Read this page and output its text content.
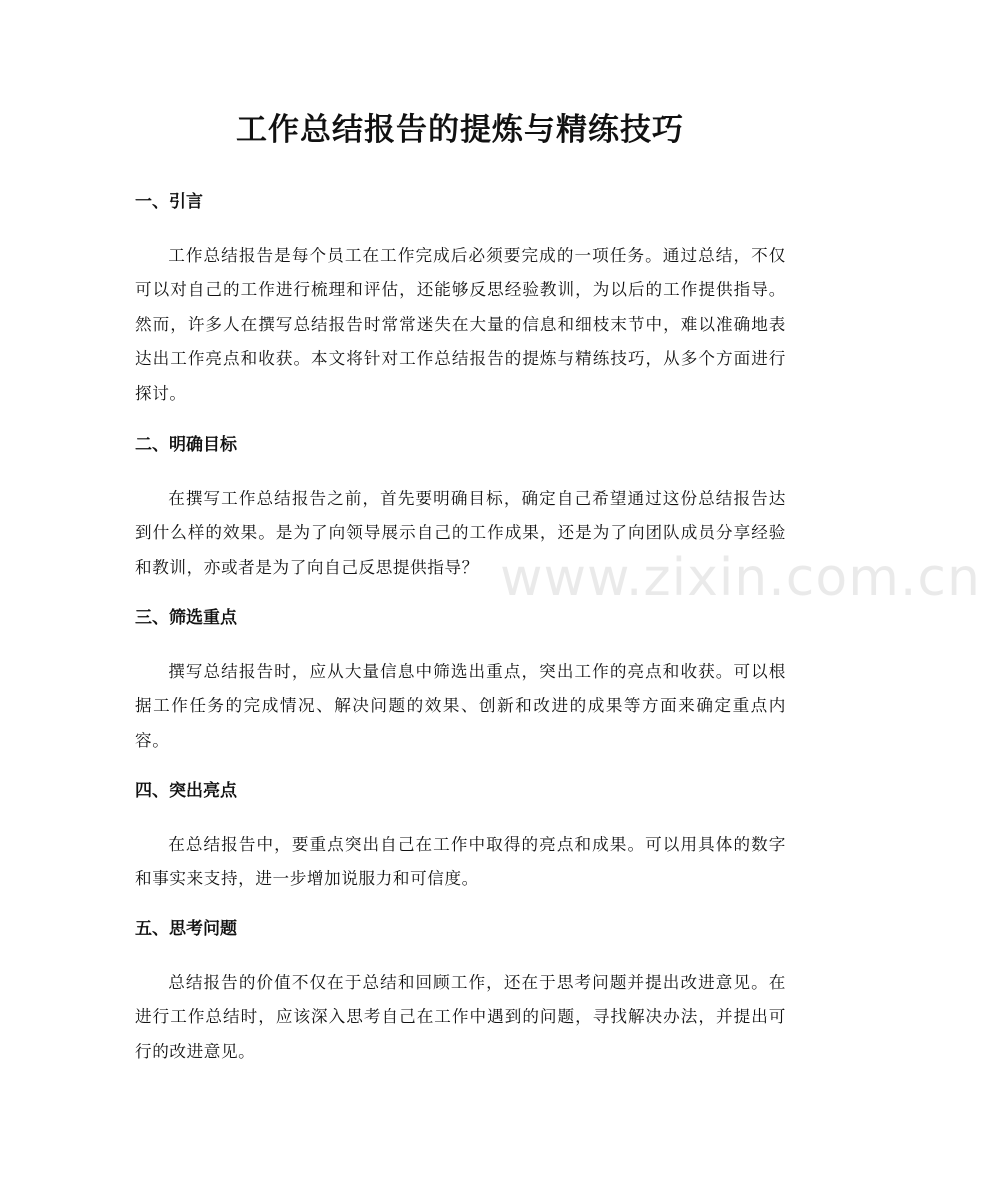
工作总结报告的提炼与精练技巧
一、引言

工作总结报告是每个员工在工作完成后必须要完成的一项任务。通过总结，不仅可以对自己的工作进行梳理和评估，还能够反思经验教训，为以后的工作提供指导。然而，许多人在撰写总结报告时常常迷失在大量的信息和细枝末节中，难以准确地表达出工作亮点和收获。本文将针对工作总结报告的提炼与精练技巧，从多个方面进行探讨。

二、明确目标

在撰写工作总结报告之前，首先要明确目标，确定自己希望通过这份总结报告达到什么样的效果。是为了向领导展示自己的工作成果，还是为了向团队成员分享经验和教训，亦或者是为了向自己反思提供指导？

三、筛选重点

撰写总结报告时，应从大量信息中筛选出重点，突出工作的亮点和收获。可以根据工作任务的完成情况、解决问题的效果、创新和改进的成果等方面来确定重点内容。

四、突出亮点

在总结报告中，要重点突出自己在工作中取得的亮点和成果。可以用具体的数字和事实来支持，进一步增加说服力和可信度。

五、思考问题

总结报告的价值不仅在于总结和回顾工作，还在于思考问题并提出改进意见。在进行工作总结时，应该深入思考自己在工作中遇到的问题，寻找解决办法，并提出可行的改进意见。

www.zixin.com.cn
